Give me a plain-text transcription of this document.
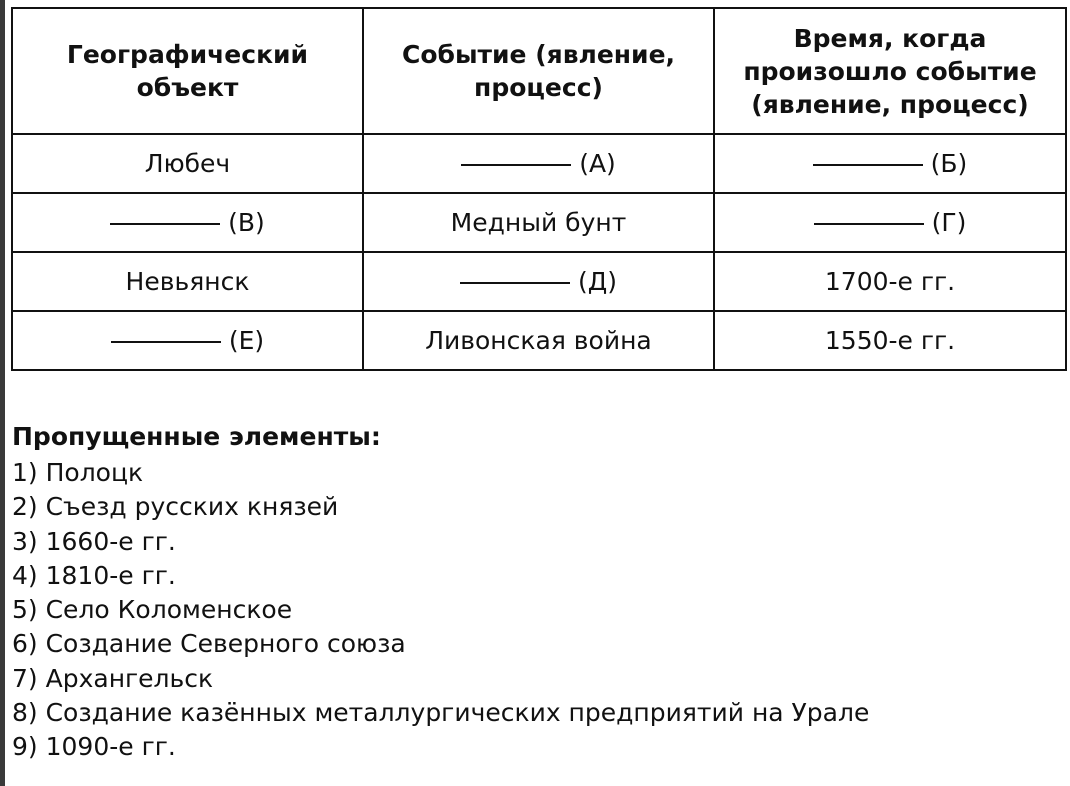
Географический объект	Событие (явление, процесс)	Время, когда произошло событие (явление, процесс)
Любеч	(А)	(Б)
(В)	Медный бунт	(Г)
Невьянск	(Д)	1700-е гг.
(Е)	Ливонская война	1550-е гг.
Пропущенные элементы:
1) Полоцк
2) Съезд русских князей
3) 1660-е гг.
4) 1810-е гг.
5) Село Коломенское
6) Создание Северного союза
7) Архангельск
8) Создание казённых металлургических предприятий на Урале
9) 1090-е гг.
